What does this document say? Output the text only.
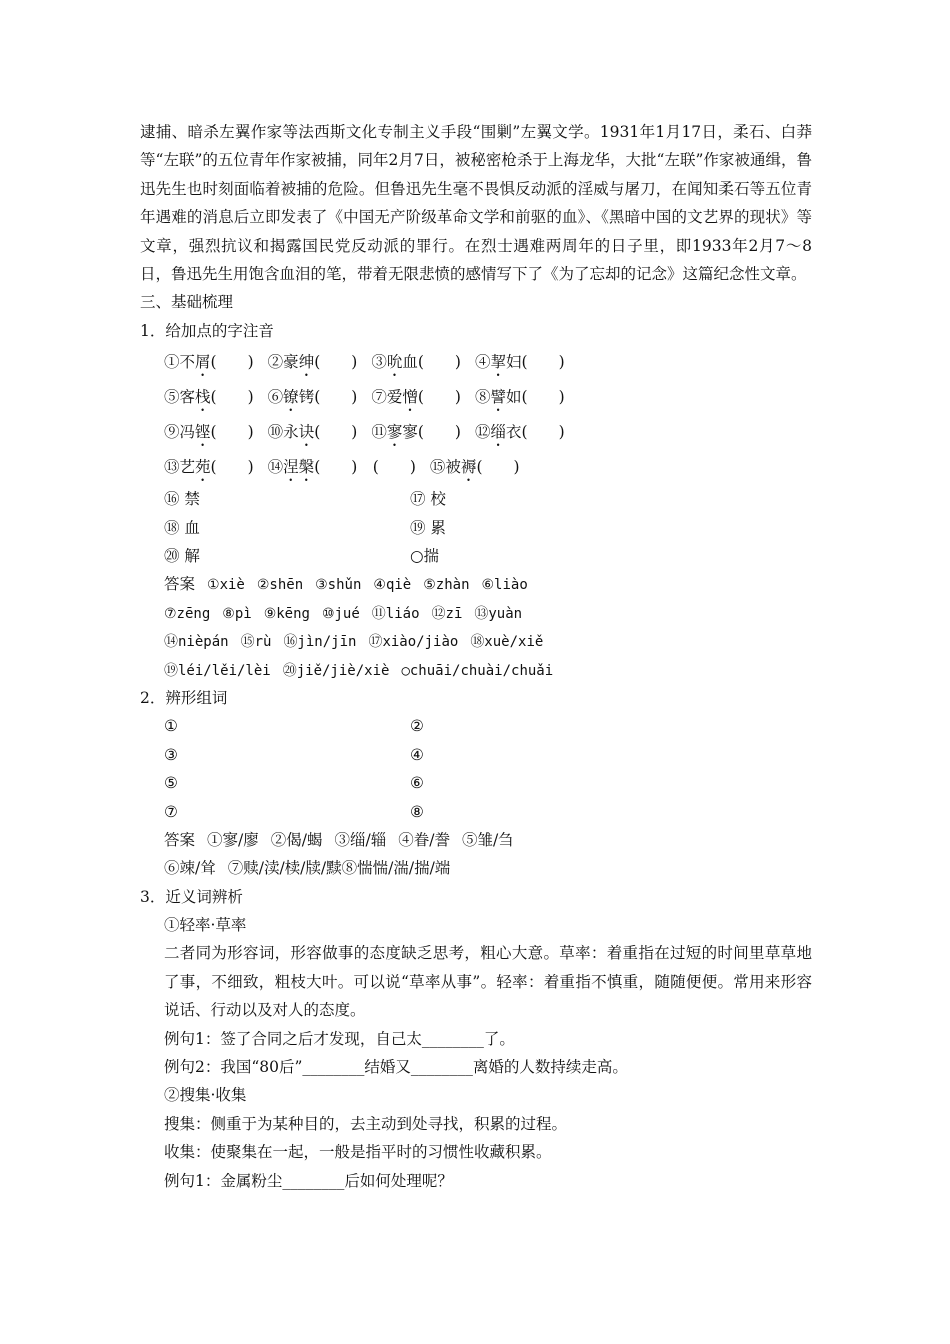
逮捕、暗杀左翼作家等法西斯文化专制主义手段“围剿”左翼文学。1931年1月17日，柔石、白莽等“左联”的五位青年作家被捕，同年2月7日，被秘密枪杀于上海龙华，大批“左联”作家被通缉，鲁迅先生也时刻面临着被捕的危险。但鲁迅先生毫不畏惧反动派的淫威与屠刀，在闻知柔石等五位青年遇难的消息后立即发表了《中国无产阶级革命文学和前驱的血》、《黑暗中国的文艺界的现状》等文章，强烈抗议和揭露国民党反动派的罪行。在烈士遇难两周年的日子里，即1933年2月7～8日，鲁迅先生用饱含血泪的笔，带着无限悲愤的感情写下了《为了忘却的记念》这篇纪念性文章。

三、基础梳理
1．给加点的字注音
①不屑(　　) ②豪绅(　　) ③吮血(　　) ④挈妇(　　)
⑤客栈(　　) ⑥镣铐(　　) ⑦爱憎(　　) ⑧譬如(　　)
⑨冯铿(　　) ⑩永诀(　　) ⑪寥寥(　　) ⑫缁衣(　　)
⑬艺苑(　　) ⑭涅槃(　　)　(　　) ⑮被褥(　　)
⑯ 禁	⑰ 校
⑱ 血	⑲ 累
⑳ 解	○揣
答案 ①xiè ②shēn ③shǔn ④qiè ⑤zhàn ⑥liào
⑦zēng ⑧pì ⑨kēng ⑩jué ⑪liáo ⑫zī ⑬yuàn
⑭nièpán ⑮rù ⑯jìn/jīn ⑰xiào/jiào ⑱xuè/xiě
⑲léi/lěi/lèi ⑳jiě/jiè/xiè ○chuāi/chuài/chuǎi
2．辨形组词
①	②
③	④
⑤	⑥
⑦	⑧
答案 ①寥/廖 ②偈/蝎 ③缁/辎 ④眷/誊 ⑤雏/刍
⑥竦/耸 ⑦赎/渎/椟/牍/黩⑧惴惴/湍/揣/端
3．近义词辨析
①轻率·草率

二者同为形容词，形容做事的态度缺乏思考，粗心大意。草率：着重指在过短的时间里草草地了事，不细致，粗枝大叶。可以说“草率从事”。轻率：着重指不慎重，随随便便。常用来形容说话、行动以及对人的态度。

例句1：签了合同之后才发现，自己太________了。
例句2：我国“80后”________结婚又________离婚的人数持续走高。
②搜集·收集
搜集：侧重于为某种目的，去主动到处寻找，积累的过程。
收集：使聚集在一起，一般是指平时的习惯性收藏积累。
例句1：金属粉尘________后如何处理呢？
